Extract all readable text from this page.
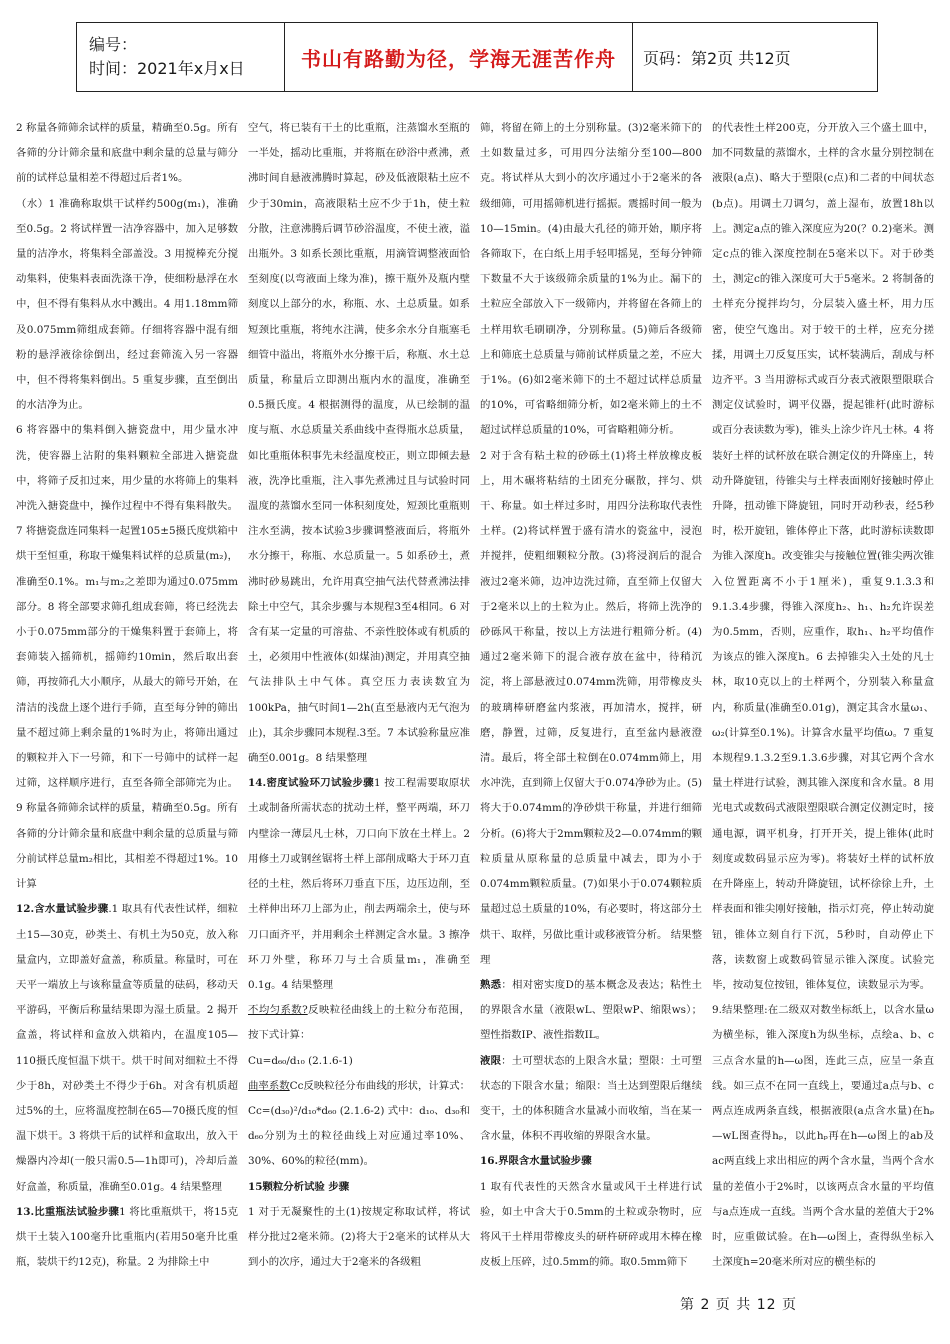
编号：
时间：2021年x月x日	书山有路勤为径，学海无涯苦作舟 页码：第2页 共12页

2 称量各筛筛余试样的质量，精确至0.5g。所有各筛的分计筛余量和底盘中剩余量的总量与筛分前的试样总量相差不得超过后者1%。

（水）1 准确称取烘干试样约500g(m₁)，准确至0.5g。2 将试样置一洁净容器中，加入足够数量的洁净水，将集料全部盖没。3 用搅棒充分搅动集料，使集料表面洗涤干净，使细粉悬浮在水中，但不得有集料从水中溅出。4 用1.18mm筛及0.075mm筛组成套筛。仔细将容器中混有细粉的悬浮液徐徐倒出，经过套筛流入另一容器中，但不得将集料倒出。5 重复步骤，直至倒出的水洁净为止。

6 将容器中的集料倒入搪瓷盘中，用少量水冲洗，使容器上沾附的集料颗粒全部进入搪瓷盘中，将筛子反扣过来，用少量的水将筛上的集料冲洗入搪瓷盘中，操作过程中不得有集料散失。7 将搪瓷盘连同集料一起置105±5摄氏度烘箱中烘干至恒重，称取干燥集料试样的总质量(m₂)，准确至0.1%。m₁与m₂之差即为通过0.075mm部分。8 将全部要求筛孔组成套筛，将已经洗去小于0.075mm部分的干燥集料置于套筛上，将套筛装入摇筛机，摇筛约10min，然后取出套筛，再按筛孔大小顺序，从最大的筛号开始，在清洁的浅盘上逐个进行手筛，直至每分钟的筛出量不超过筛上剩余量的1%时为止，将筛出通过的颗粒并入下一号筛，和下一号筛中的试样一起过筛，这样顺序进行，直至各筛全部筛完为止。9 称量各筛筛余试样的质量，精确至0.5g。所有各筛的分计筛余量和底盘中剩余量的总质量与筛分前试样总量m₂相比，其相差不得超过1%。10 计算

12.含水量试验步骤.1 取具有代表性试样，细粒土15—30克，砂类土、有机土为50克，放入称量盒内，立即盖好盒盖，称质量。称量时，可在天平一端放上与该称量盒等质量的砝码，移动天平游码，平衡后称量结果即为湿土质量。2 揭开盒盖，将试样和盒放入烘箱内，在温度105—110摄氏度恒温下烘干。烘干时间对细粒土不得少于8h，对砂类土不得少于6h。对含有机质超过5%的土，应将温度控制在65—70摄氏度的恒温下烘干。3 将烘干后的试样和盒取出，放入干燥器内冷却(一般只需0.5—1h即可)，冷却后盖好盒盖，称质量，准确至0.01g。4 结果整理

13.比重瓶法试验步骤1 将比重瓶烘干，将15克烘干土装入100毫升比重瓶内(若用50毫升比重瓶，装烘干约12克)，称量。2 为排除土中

空气，将已装有干土的比重瓶，注蒸馏水至瓶的一半处，摇动比重瓶，并将瓶在砂浴中煮沸，煮沸时间自悬液沸腾时算起，砂及低液限粘土应不少于30min，高液限粘土应不少于1h，使土粒分散，注意沸腾后调节砂浴温度，不使土液，溢出瓶外。3 如系长颈比重瓶，用滴管调整液面恰至刻度(以弯液面上缘为准)，擦干瓶外及瓶内壁刻度以上部分的水，称瓶、水、土总质量。如系短颈比重瓶，将纯水注满，使多余水分自瓶塞毛细管中溢出，将瓶外水分擦干后，称瓶、水土总质量，称量后立即测出瓶内水的温度，准确至0.5摄氏度。4 根据测得的温度，从已绘制的温度与瓶、水总质量关系曲线中查得瓶水总质量，如比重瓶体积事先未经温度校正，则立即倾去悬液，洗净比重瓶，注入事先煮沸过且与试验时同温度的蒸馏水至同一体积刻度处，短颈比重瓶则注水至满，按本试验3步骤调整液面后，将瓶外水分擦干，称瓶、水总质量一。5 如系砂土，煮沸时砂易跳出，允许用真空抽气法代替煮沸法排除土中空气，其余步骤与本规程3至4相同。6 对含有某一定量的可溶盐、不亲性胶体或有机质的土，必须用中性液体(如煤油)测定，并用真空抽气法排队土中气体。真空压力表读数宜为100kPa，抽气时间1—2h(直至悬液内无气泡为止)，其余步骤同本规程.3至。7 本试验称量应准确至0.001g。8 结果整理

14.密度试验环刀试验步骤1 按工程需要取原状土或制备所需状态的扰动土样，整平两端，环刀内壁涂一薄层凡士林，刀口向下放在土样上。2 用修土刀或钢丝锯将土样上部削成略大于环刀直径的土柱，然后将环刀垂直下压，边压边削，至土样伸出环刀上部为止，削去两端余土，使与环刀口面齐平，并用剩余土样测定含水量。3 擦净环刀外壁，称环刀与土合质量m₁，准确至0.1g。4 结果整理

不均匀系数?反映粒径曲线上的土粒分布范围，按下式计算：

Cu=d₆₀/d₁₀ (2.1.6-1)

曲率系数Cc反映粒径分布曲线的形状，计算式：Cc=(d₃₀)²/d₁₀*d₆₀ (2.1.6-2) 式中：d₁₀、d₃₀和d₆₀分别为土的粒径曲线上对应通过率10%、30%、60%的粒径(mm)。

15颗粒分析试验 步骤

1 对于无凝聚性的土(1)按规定称取试样，将试样分批过2毫米筛。(2)将大于2毫米的试样从大到小的次序，通过大于2毫米的各级粗

筛，将留在筛上的土分别称量。(3)2毫米筛下的土如数量过多，可用四分法缩分至100—800克。将试样从大到小的次序通过小于2毫米的各级细筛，可用摇筛机进行摇振。震摇时间一般为10—15min。(4)由最大孔径的筛开始，顺序将各筛取下，在白纸上用手轻叩摇晃，至每分钟筛下数量不大于该级筛余质量的1%为止。漏下的土粒应全部放入下一级筛内，并将留在各筛上的土样用软毛刷刷净，分别称量。(5)筛后各级筛上和筛底土总质量与筛前试样质量之差，不应大于1%。(6)如2毫米筛下的土不超过试样总质量的10%，可省略细筛分析，如2毫米筛上的土不超过试样总质量的10%，可省略粗筛分析。

2 对于含有粘土粒的砂砾土(1)将土样放橡皮板上，用木碾将粘结的土团充分碾散，拌匀、烘干、称量。如土样过多时，用四分法称取代表性土样。(2)将试样置于盛有清水的瓷盆中，浸泡并搅拌，使粗细颗粒分散。(3)将浸润后的混合液过2毫米筛，边冲边洗过筛，直至筛上仅留大于2毫米以上的土粒为止。然后，将筛上洗净的砂砾风干称量，按以上方法进行粗筛分析。(4)通过2毫米筛下的混合液存放在盆中，待稍沉淀，将上部悬液过0.074mm洗筛，用带橡皮头的玻璃棒研磨盆内浆液，再加清水，搅拌，研磨，静置，过筛，反复进行，直至盆内悬液澄清。最后，将全部土粒倒在0.074mm筛上，用水冲洗，直到筛上仅留大于0.074净砂为止。(5)将大于0.074mm的净砂烘干称量，并进行细筛分析。(6)将大于2mm颗粒及2—0.074mm的颗粒质量从原称量的总质量中减去，即为小于0.074mm颗粒质量。(7)如果小于0.074颗粒质量超过总土质量的10%，有必要时，将这部分土烘干、取样，另做比重计或移液管分析。 结果整理

熟悉：相对密实度D的基本概念及表达；粘性土的界限含水量（液限wL、塑限wP、缩限ws）；塑性指数IP、液性指数IL。

液限：土可塑状态的上限含水量；塑限：土可塑状态的下限含水量；缩限：当土达到塑限后继续变干，土的体积随含水量减小而收缩，当在某一含水量，体积不再收缩的界限含水量。

16.界限含水量试验步骤

1 取有代表性的天然含水量或风干土样进行试验，如土中含大于0.5mm的土粒或杂物时，应将风干土样用带橡皮头的研杵研碎或用木棒在橡皮板上压碎，过0.5mm的筛。取0.5mm筛下

的代表性土样200克，分开放入三个盛土皿中，加不同数量的蒸馏水，土样的含水量分别控制在液限(a点)、略大于塑限(c点)和二者的中间状态(b点)。用调土刀调匀，盖上湿布，放置18h以上。测定a点的锥入深度应为20(？0.2)毫米。测定c点的锥入深度控制在5毫米以下。对于砂类土，测定c的锥入深度可大于5毫米。2 将制备的土样充分搅拌均匀，分层装入盛土杯，用力压密，使空气逸出。对于较干的土样，应充分搓揉，用调土刀反复压实，试杯装满后，刮成与杯边齐平。3 当用游标式或百分表式液限塑限联合测定仪试验时，调平仪器，提起锥杆(此时游标或百分表读数为零)，锥头上涂少许凡士林。4 将装好土样的试杯放在联合测定仪的升降座上，转动升降旋钮，待锥尖与土样表面刚好接触时停止升降，扭动锥下降旋钮，同时开动秒表，经5秒时，松开旋钮，锥体停止下落，此时游标读数即为锥入深度h。改变锥尖与接触位置(锥尖两次锥入位置距离不小于1厘米)，重复9.1.3.3和9.1.3.4步骤，得锥入深度h₂、h₁、h₂允许误差为0.5mm，否则，应重作，取h₁、h₂平均值作为该点的锥入深度h。6 去掉锥尖入土处的凡士林，取10克以上的土样两个，分别装入称量盒内，称质量(准确至0.01g)，测定其含水量ω₁、ω₂(计算至0.1%)。计算含水量平均值ω。7 重复本规程9.1.3.2至9.1.3.6步骤，对其它两个含水量土样进行试验，测其锥入深度和含水量。8 用光电式或数码式液限塑限联合测定仪测定时，接通电源，调平机身，打开开关，提上锥体(此时刻度或数码显示应为零)。将装好土样的试杯放在升降座上，转动升降旋钮，试杯徐徐上升，土样表面和锥尖刚好接触，指示灯亮，停止转动旋钮，锥体立刻自行下沉，5秒时，自动停止下落，读数窗上或数码管显示锥入深度。试验完毕，按动复位按钮，锥体复位，读数显示为零。

9.结果整理:在二级双对数坐标纸上，以含水量ω为横坐标，锥入深度h为纵坐标，点绘a、b、c三点含水量的h—ω图，连此三点，应呈一条直线。如三点不在同一直线上，要通过a点与b、c两点连成两条直线，根据液限(a点含水量)在hₚ—wL图查得hₚ，以此hₚ再在h—ω图上的ab及ac两直线上求出相应的两个含水量，当两个含水量的差值小于2%时，以该两点含水量的平均值与a点连成一直线。当两个含水量的差值大于2%时，应重做试验。在h—ω图上，查得纵坐标入土深度h=20毫米所对应的横坐标的

第 2 页 共 12 页
